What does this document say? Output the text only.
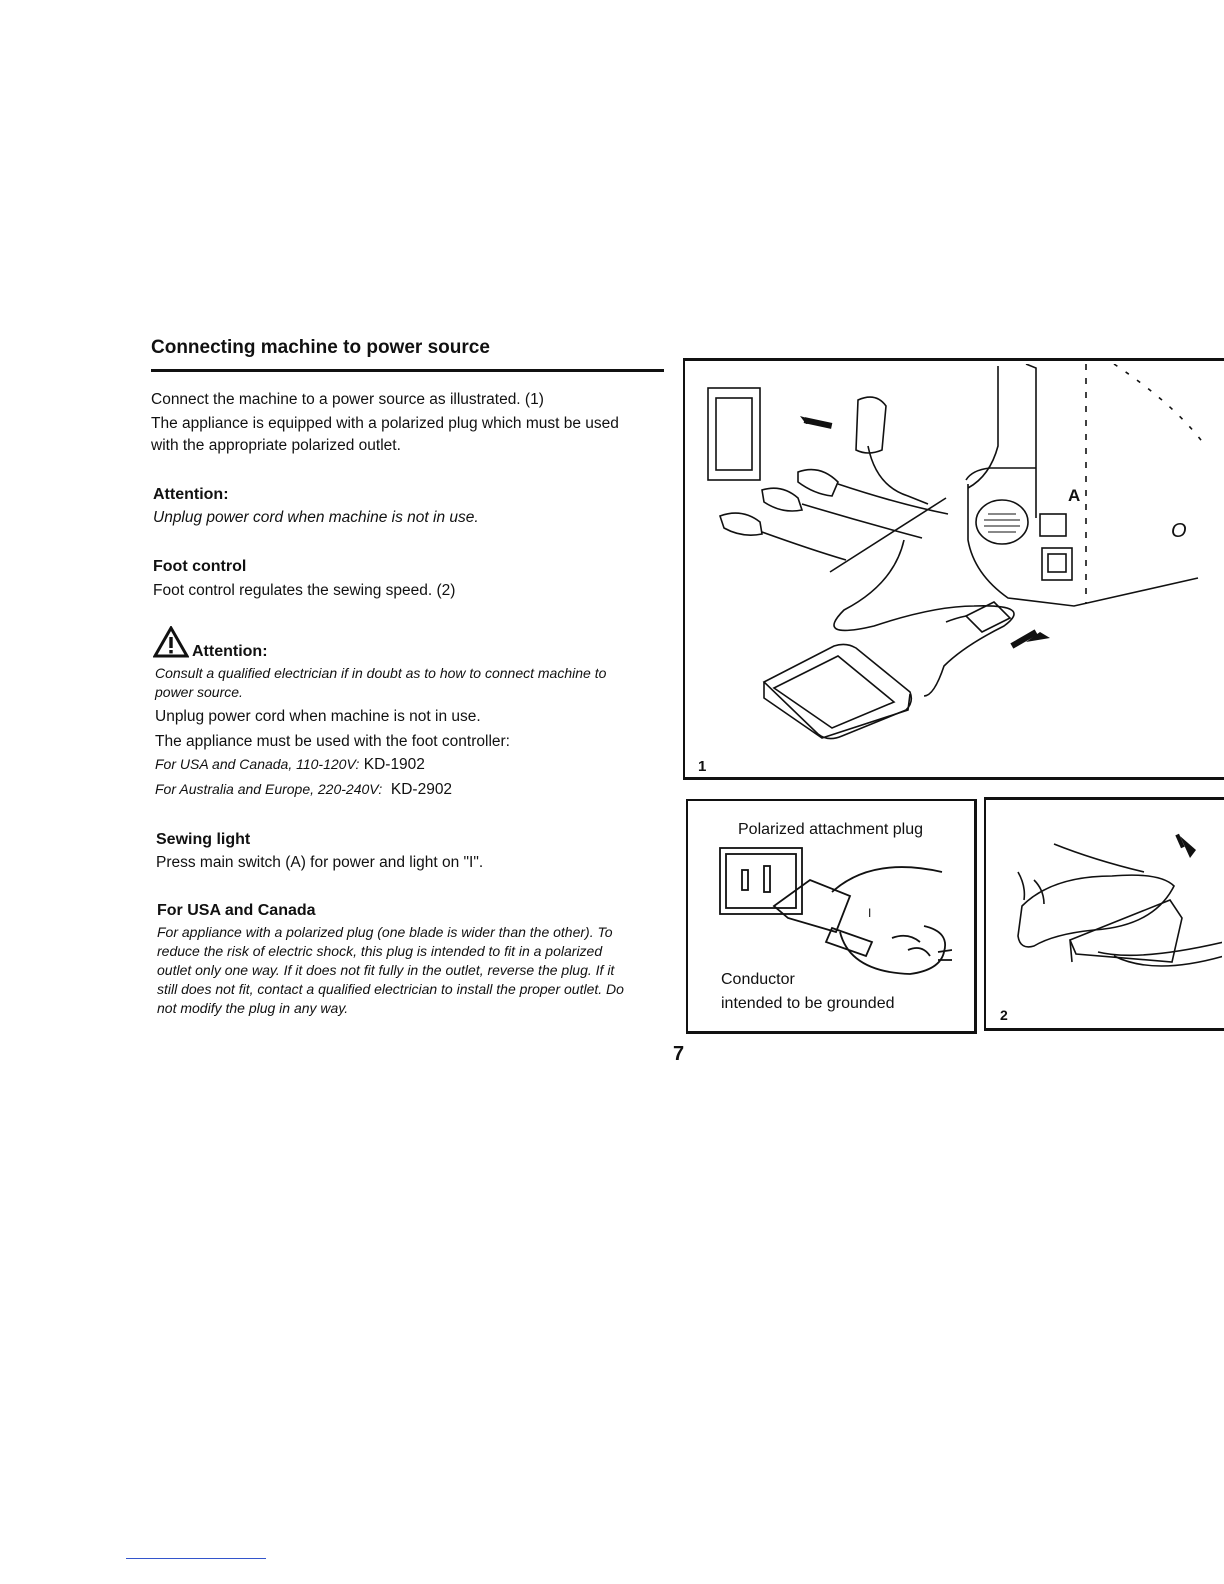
Connecting machine to power source
Connect the machine to a power source as illustrated. (1)
The appliance is equipped with a polarized plug which must be used
with the appropriate polarized outlet.
Attention:
Unplug power cord when machine is not in use.
Foot control
Foot control regulates the sewing speed. (2)
Attention:
Consult a qualified electrician if in doubt as to how to connect machine to
power source.
Unplug power cord when machine is not in use.
The appliance must be used with the foot controller:
For USA and Canada, 110-120V: KD-1902
For Australia and Europe, 220-240V:  KD-2902
Sewing light
Press main switch (A) for power and light on "I".
For USA and Canada
For appliance with a polarized plug (one blade is wider than the other). To
reduce the risk of electric shock, this plug is intended to fit in a polarized
outlet only one way. If it does not fit fully in the outlet, reverse the plug. If it
still does not fit, contact a qualified electrician to install the proper outlet. Do
not modify the plug in any way.
A
O
1
Polarized attachment plug
I
Conductor
intended to be grounded
2
7
